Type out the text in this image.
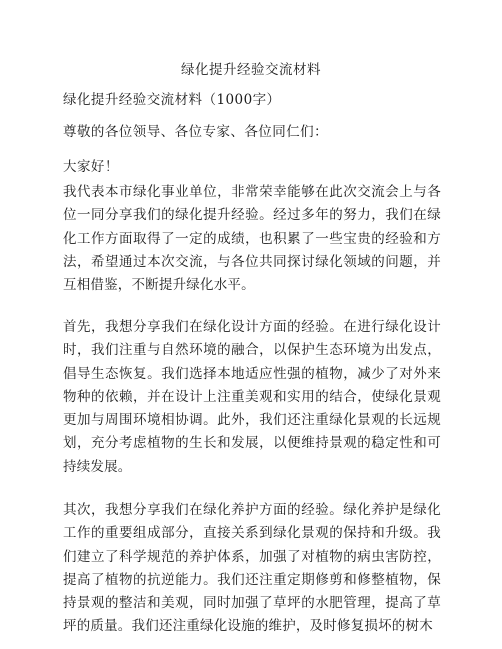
绿化提升经验交流材料
绿化提升经验交流材料（1000字）
尊敬的各位领导、各位专家、各位同仁们：
大家好！
我代表本市绿化事业单位，非常荣幸能够在此次交流会上与各位一同分享我们的绿化提升经验。经过多年的努力，我们在绿化工作方面取得了一定的成绩，也积累了一些宝贵的经验和方法，希望通过本次交流，与各位共同探讨绿化领域的问题，并互相借鉴，不断提升绿化水平。
首先，我想分享我们在绿化设计方面的经验。在进行绿化设计时，我们注重与自然环境的融合，以保护生态环境为出发点，倡导生态恢复。我们选择本地适应性强的植物，减少了对外来物种的依赖，并在设计上注重美观和实用的结合，使绿化景观更加与周围环境相协调。此外，我们还注重绿化景观的长远规划，充分考虑植物的生长和发展，以便维持景观的稳定性和可持续发展。
其次，我想分享我们在绿化养护方面的经验。绿化养护是绿化工作的重要组成部分，直接关系到绿化景观的保持和升级。我们建立了科学规范的养护体系，加强了对植物的病虫害防控，提高了植物的抗逆能力。我们还注重定期修剪和修整植物，保持景观的整洁和美观，同时加强了草坪的水肥管理，提高了草坪的质量。我们还注重绿化设施的维护，及时修复损坏的树木
